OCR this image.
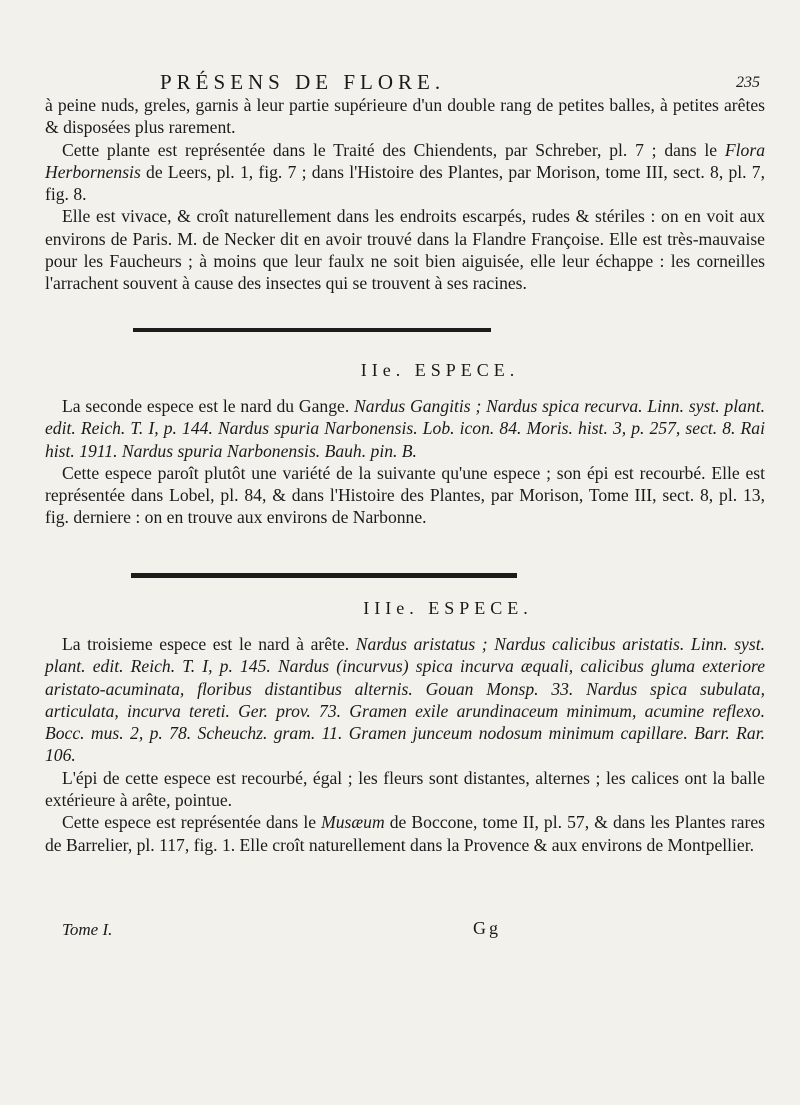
PRÉSENS DE FLORE.	235

à peine nuds, greles, garnis à leur partie supérieure d'un double rang de petites balles, à petites arêtes & disposées plus rarement.

Cette plante est représentée dans le Traité des Chiendents, par Schreber, pl. 7 ; dans le Flora Herbornensis de Leers, pl. 1, fig. 7 ; dans l'Histoire des Plantes, par Morison, tome III, sect. 8, pl. 7, fig. 8.

Elle est vivace, & croît naturellement dans les endroits escarpés, rudes & stériles : on en voit aux environs de Paris. M. de Necker dit en avoir trouvé dans la Flandre Françoise. Elle est très-mauvaise pour les Faucheurs ; à moins que leur faulx ne soit bien aiguisée, elle leur échappe : les corneilles l'arrachent souvent à cause des insectes qui se trouvent à ses racines.

IIe. ESPECE.

La seconde espece est le nard du Gange. Nardus Gangitis ; Nardus spica recurva. Linn. syst. plant. edit. Reich. T. I, p. 144. Nardus spuria Narbonensis. Lob. icon. 84. Moris. hist. 3, p. 257, sect. 8. Rai hist. 1911. Nardus spuria Narbonensis. Bauh. pin. B.

Cette espece paroît plutôt une variété de la suivante qu'une espece ; son épi est recourbé. Elle est représentée dans Lobel, pl. 84, & dans l'Histoire des Plantes, par Morison, Tome III, sect. 8, pl. 13, fig. derniere : on en trouve aux environs de Narbonne.

IIIe. ESPECE.

La troisieme espece est le nard à arête. Nardus aristatus ; Nardus calicibus aristatis. Linn. syst. plant. edit. Reich. T. I, p. 145. Nardus (incurvus) spica incurva æquali, calicibus gluma exteriore aristato-acuminata, floribus distantibus alternis. Gouan Monsp. 33. Nardus spica subulata, articulata, incurva tereti. Ger. prov. 73. Gramen exile arundinaceum minimum, acumine reflexo. Bocc. mus. 2, p. 78. Scheuchz. gram. 11. Gramen junceum nodosum minimum capillare. Barr. Rar. 106.

L'épi de cette espece est recourbé, égal ; les fleurs sont distantes, alternes ; les calices ont la balle extérieure à arête, pointue.

Cette espece est représentée dans le Musæum de Boccone, tome II, pl. 57, & dans les Plantes rares de Barrelier, pl. 117, fig. 1. Elle croît naturellement dans la Provence & aux environs de Montpellier.

Tome I.	Gg
